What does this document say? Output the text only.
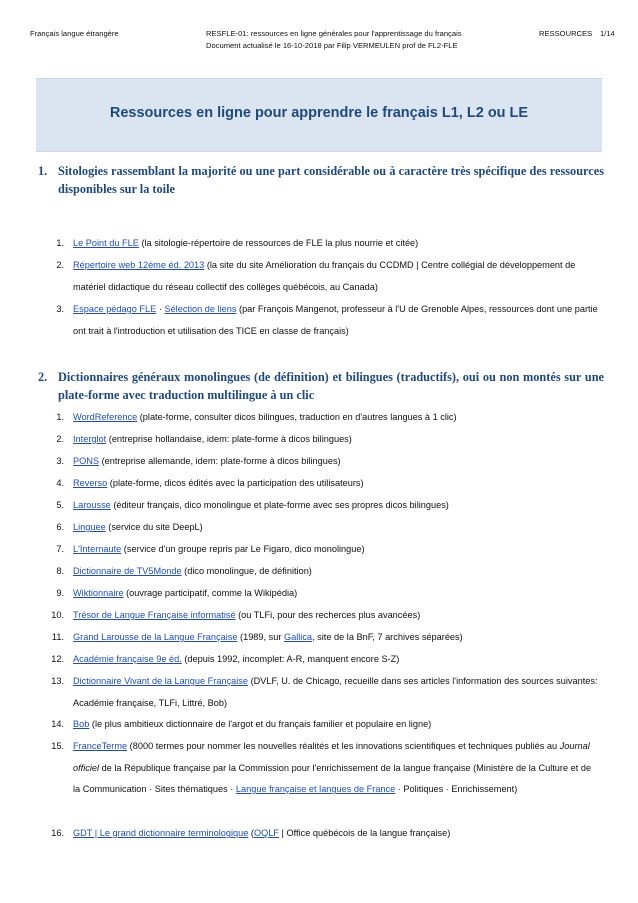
Français langue étrangère	RESFLE-01: ressources en ligne générales pour l'apprentissage du français
Document actualisé le 16-10-2018 par Filip VERMEULEN prof de FL2-FLE
RESSOURCES 1/14
Ressources en ligne pour apprendre le français L1, L2 ou LE
1. Sitologies rassemblant la majorité ou une part considérable ou à caractère très spécifique des ressources disponibles sur la toile
1. Le Point du FLE (la sitologie-répertoire de ressources de FLE la plus nourrie et citée)
2. Répertoire web 12ème éd. 2013 (la site du site Amélioration du français du CCDMD | Centre collégial de développement de matériel didactique du réseau collectif des collèges québécois, au Canada)
3. Espace pédago FLE · Sélection de liens (par François Mangenot, professeur à l'U de Grenoble Alpes, ressources dont une partie ont trait à l'introduction et utilisation des TICE en classe de français)
2. Dictionnaires généraux monolingues (de définition) et bilingues (traductifs), oui ou non montés sur une plate-forme avec traduction multilingue à un clic
1. WordReference (plate-forme, consulter dicos bilingues, traduction en d'autres langues à 1 clic)
2. Interglot (entreprise hollandaise, idem: plate-forme à dicos bilingues)
3. PONS (entreprise allemande, idem: plate-forme à dicos bilingues)
4. Reverso (plate-forme, dicos édités avec la participation des utilisateurs)
5. Larousse (éditeur français, dico monolingue et plate-forme avec ses propres dicos bilingues)
6. Linguee (service du site DeepL)
7. L'Internaute (service d'un groupe repris par Le Figaro, dico monolingue)
8. Dictionnaire de TV5Monde (dico monolingue, de définition)
9. Wiktionnaire (ouvrage participatif, comme la Wikipédia)
10. Trésor de Langue Française informatisé (ou TLFi, pour des recherces plus avancées)
11. Grand Larousse de la Langue Française (1989, sur Gallica, site de la BnF, 7 archives séparées)
12. Académie française 9e éd. (depuis 1992, incomplet: A-R, manquent encore S-Z)
13. Dictionnaire Vivant de la Langue Française (DVLF, U. de Chicago, recueille dans ses articles l'information des sources suivantes: Académie française, TLFi, Littré, Bob)
14. Bob (le plus ambitieux dictionnaire de l'argot et du français familier et populaire en ligne)
15. FranceTerme (8000 termes pour nommer les nouvelles réalités et les innovations scientifiques et techniques publiés au Journal officiel de la République française par la Commission pour l'enrichissement de la langue française (Ministère de la Culture et de la Communication · Sites thématiques · Langue française et langues de France · Politiques · Enrichissement)
16. GDT | Le grand dictionnaire terminologique (OQLF | Office québécois de la langue française)
